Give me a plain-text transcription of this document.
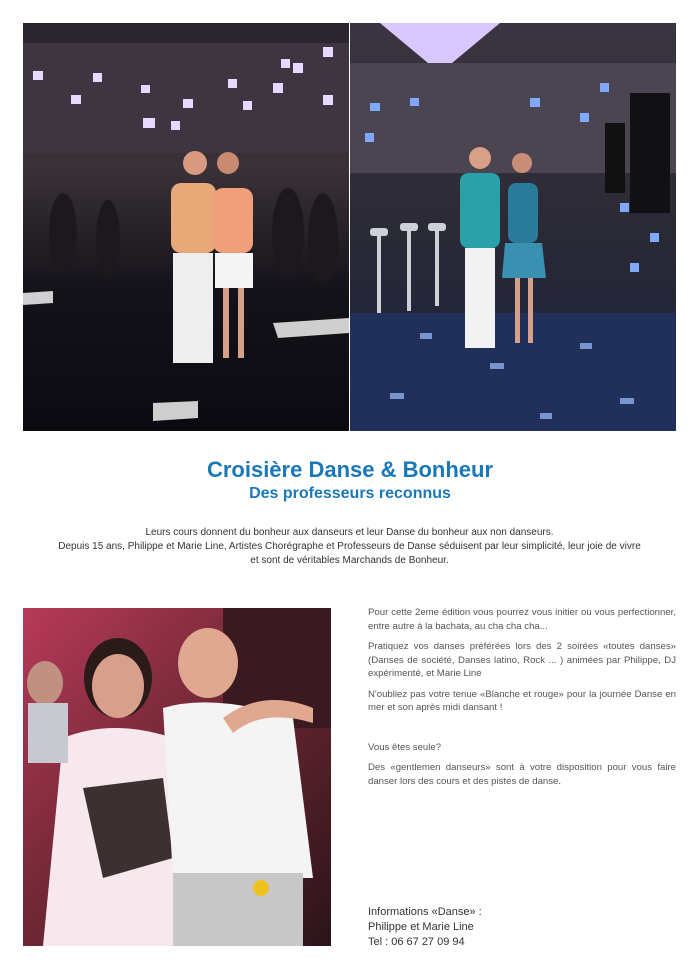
Croisière Danse & Bonheur
Des professeurs reconnus

Leurs cours donnent du bonheur aux danseurs et leur Danse du bonheur aux non danseurs.

Depuis 15 ans, Philippe et Marie Line, Artistes Chorégraphe et Professeurs de Danse séduisent par leur simplicité, leur joie de vivre

et sont de véritables Marchands de Bonheur.

Pour cette 2eme édition vous pourrez vous initier ou vous perfectionner, entre autre à la bachata, au cha cha cha...

Pratiquez vos danses préférées lors des 2 soirées «toutes danses» (Danses de société, Danses latino, Rock ... ) animées par Philippe, DJ expérimenté, et Marie Line

N'oubliez pas votre tenue «Blanche et rouge» pour la journée Danse en mer et son après midi dansant !

Vous êtes seule?

Des «gentlemen danseurs» sont à votre disposition pour vous faire danser lors des cours et des pistes de danse.

Informations «Danse» :
Philippe et Marie Line
Tel : 06 67 27 09 94
